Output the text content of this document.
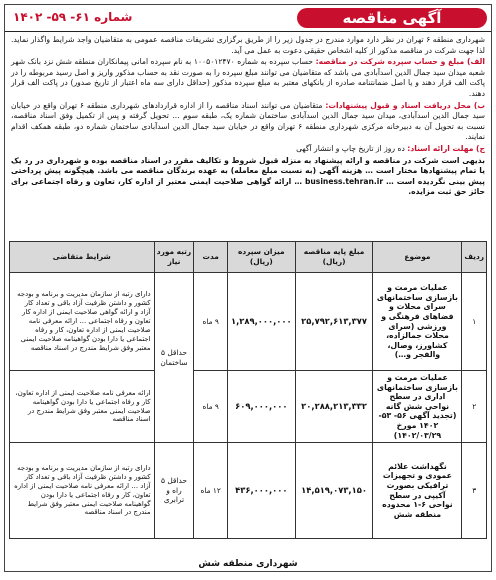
آگهی مناقصه
شماره ۶۱- ۵۹- ۱۴۰۲

شهرداری منطقه ۶ تهران در نظر دارد موارد مندرج در جدول زیر را از طریق برگزاری تشریفات مناقصه عمومی به متقاضیان واجد شرایط واگذار نماید. لذا جهت شرکت در مناقصه مذکور از کلیه اشخاص حقیقی دعوت به عمل می آید.

الف) مبلغ و حساب سپرده شرکت در مناقصه: حساب سپرده به شماره ۱۰۰۵۰۱۲۴۷۰ به نام سپرده امانی پیمانکاران منطقه شش نزد بانک شهر شعبه میدان سید جمال الدین اسدآبادی می باشد که متقاضیان می توانند مبلغ سپرده را به صورت نقد به حساب مذکور واریز و اصل رسید مربوطه را در پاکت الف قرار دهند و یا اصل ضمانتنامه صادره از بانکهای معتبر به مبلغ سپرده مذکور (حداقل دارای سه ماه اعتبار از تاریخ صدور) در پاکت الف قرار دهند.

ب) محل دریافت اسناد و قبول پیشنهادات: متقاضیان می توانند اسناد مناقصه را از اداره قراردادهای شهرداری منطقه ۶ تهران واقع در خیابان سید جمال الدین اسدآبادی، میدان سید جمال الدین اسدآبادی ساختمان شماره یک، طبقه سوم … تحویل گرفته و پس از تکمیل وفق اسناد مناقصه، نسبت به تحویل آن به دبیرخانه مرکزی شهرداری منطقه ۶ تهران واقع در خیابان سید جمال الدین اسدآبادی ساختمان شماره دو، طبقه همکف اقدام نمایند.

ج) مهلت ارائه اسناد: ده روز از تاریخ چاپ و انتشار آگهی

بدیهی است شرکت در مناقصه و ارائه پیشنهاد به منزله قبول شروط و تکالیف مقرر در اسناد مناقصه بوده و شهرداری در رد یک یا تمام پیشنهادها مختار است … هزینه آگهی (به نسبت مبلغ معامله) به عهده برندگان مناقصه می باشد. هیچگونه پیش پرداختی پیش بینی نگردیده است … business.tehran.ir … ارائه گواهی صلاحیت ایمنی معتبر از اداره کار، تعاون و رفاه اجتماعی برای حائز حق ثبت مزایده.

ردیف	موضوع	مبلغ پایه مناقصه (ریال)	میزان سپرده (ریال)	مدت	رتبه مورد نیاز	شرایط متقاضی
۱	عملیات مرمت و بازسازی ساختمانهای سرای محلات و فضاهای فرهنگی و ورزشی (سرای محلات جمالزاده، کشاورز، وصال، والفجر و…)	۲۵,۷۹۲,۶۱۳,۳۷۷	۱,۲۸۹,۰۰۰,۰۰۰	۹ ماه	حداقل ۵ ساختمان	دارای رتبه از سازمان مدیریت و برنامه و بودجه کشور و داشتن ظرفیت آزاد باقی و تعداد کار آزاد و ارائه گواهی صلاحیت ایمنی از اداره کار تعاون و رفاه اجتماعی … ارائه معرفی نامه صلاحیت ایمنی از اداره تعاون، کار و رفاه اجتماعی یا دارا بودن گواهینامه صلاحیت ایمنی معتبر وفق شرایط مندرج در اسناد مناقصه
۲	عملیات مرمت و بازسازی ساختمانهای اداری در سطح نواحی شش گانه (تجدید آگهی ۵۶- ۵۳- ۱۴۰۲ مورخ ۱۴۰۲/۰۳/۲۹)	۲۰,۲۸۸,۲۱۳,۳۳۲	۶۰۹,۰۰۰,۰۰۰	۹ ماه		ارائه معرفی نامه صلاحیت ایمنی از اداره تعاون، کار و رفاه اجتماعی یا دارا بودن گواهینامه صلاحیت ایمنی معتبر وفق شرایط مندرج در اسناد مناقصه
۳	نگهداشت علائم عمودی و تجهیزات ترافیکی بصورت آکیپی در سطح نواحی ۶-۱ محدوده منطقه شش	۱۴,۵۱۹,۰۷۳,۱۵۰	۴۳۶,۰۰۰,۰۰۰	۱۲ ماه	حداقل ۵ راه و ترابری	دارای رتبه از سازمان مدیریت و برنامه و بودجه کشور و داشتن ظرفیت آزاد باقی و تعداد کار آزاد … ارائه معرفی نامه صلاحیت ایمنی از اداره تعاون، کار و رفاه اجتماعی یا دارا بودن گواهینامه صلاحیت ایمنی معتبر وفق شرایط مندرج در اسناد مناقصه
شهرداری منطقه شش
